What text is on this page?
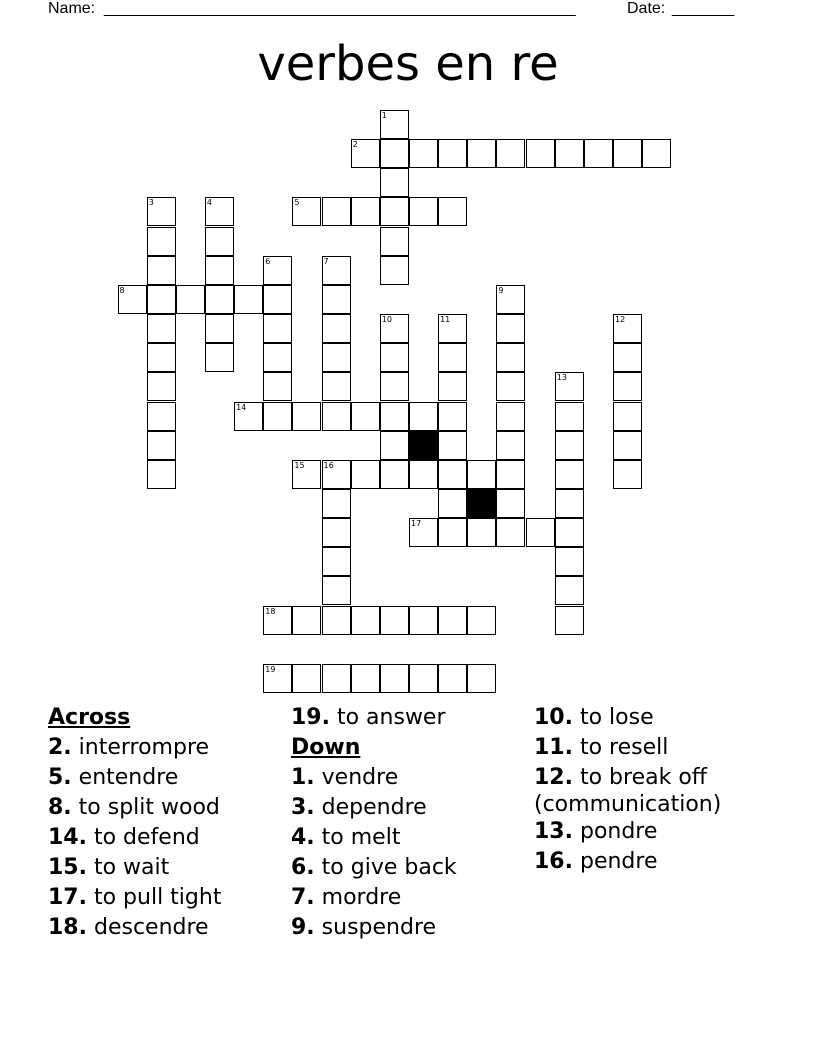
Name: _____________________________________________________	Date: _______
verbes en re
2
5
8
14
15 16
17
18
19
1
3	4
6	7
9
10	11	12
13
Across
2. interrompre
5. entendre
8. to split wood
14. to defend
15. to wait
17. to pull tight
18. descendre
19. to answer
Down
1. vendre
3. dependre
4. to melt
6. to give back
7. mordre
9. suspendre
10. to lose
11. to resell
12. to break off
(communication)
13. pondre
16. pendre
